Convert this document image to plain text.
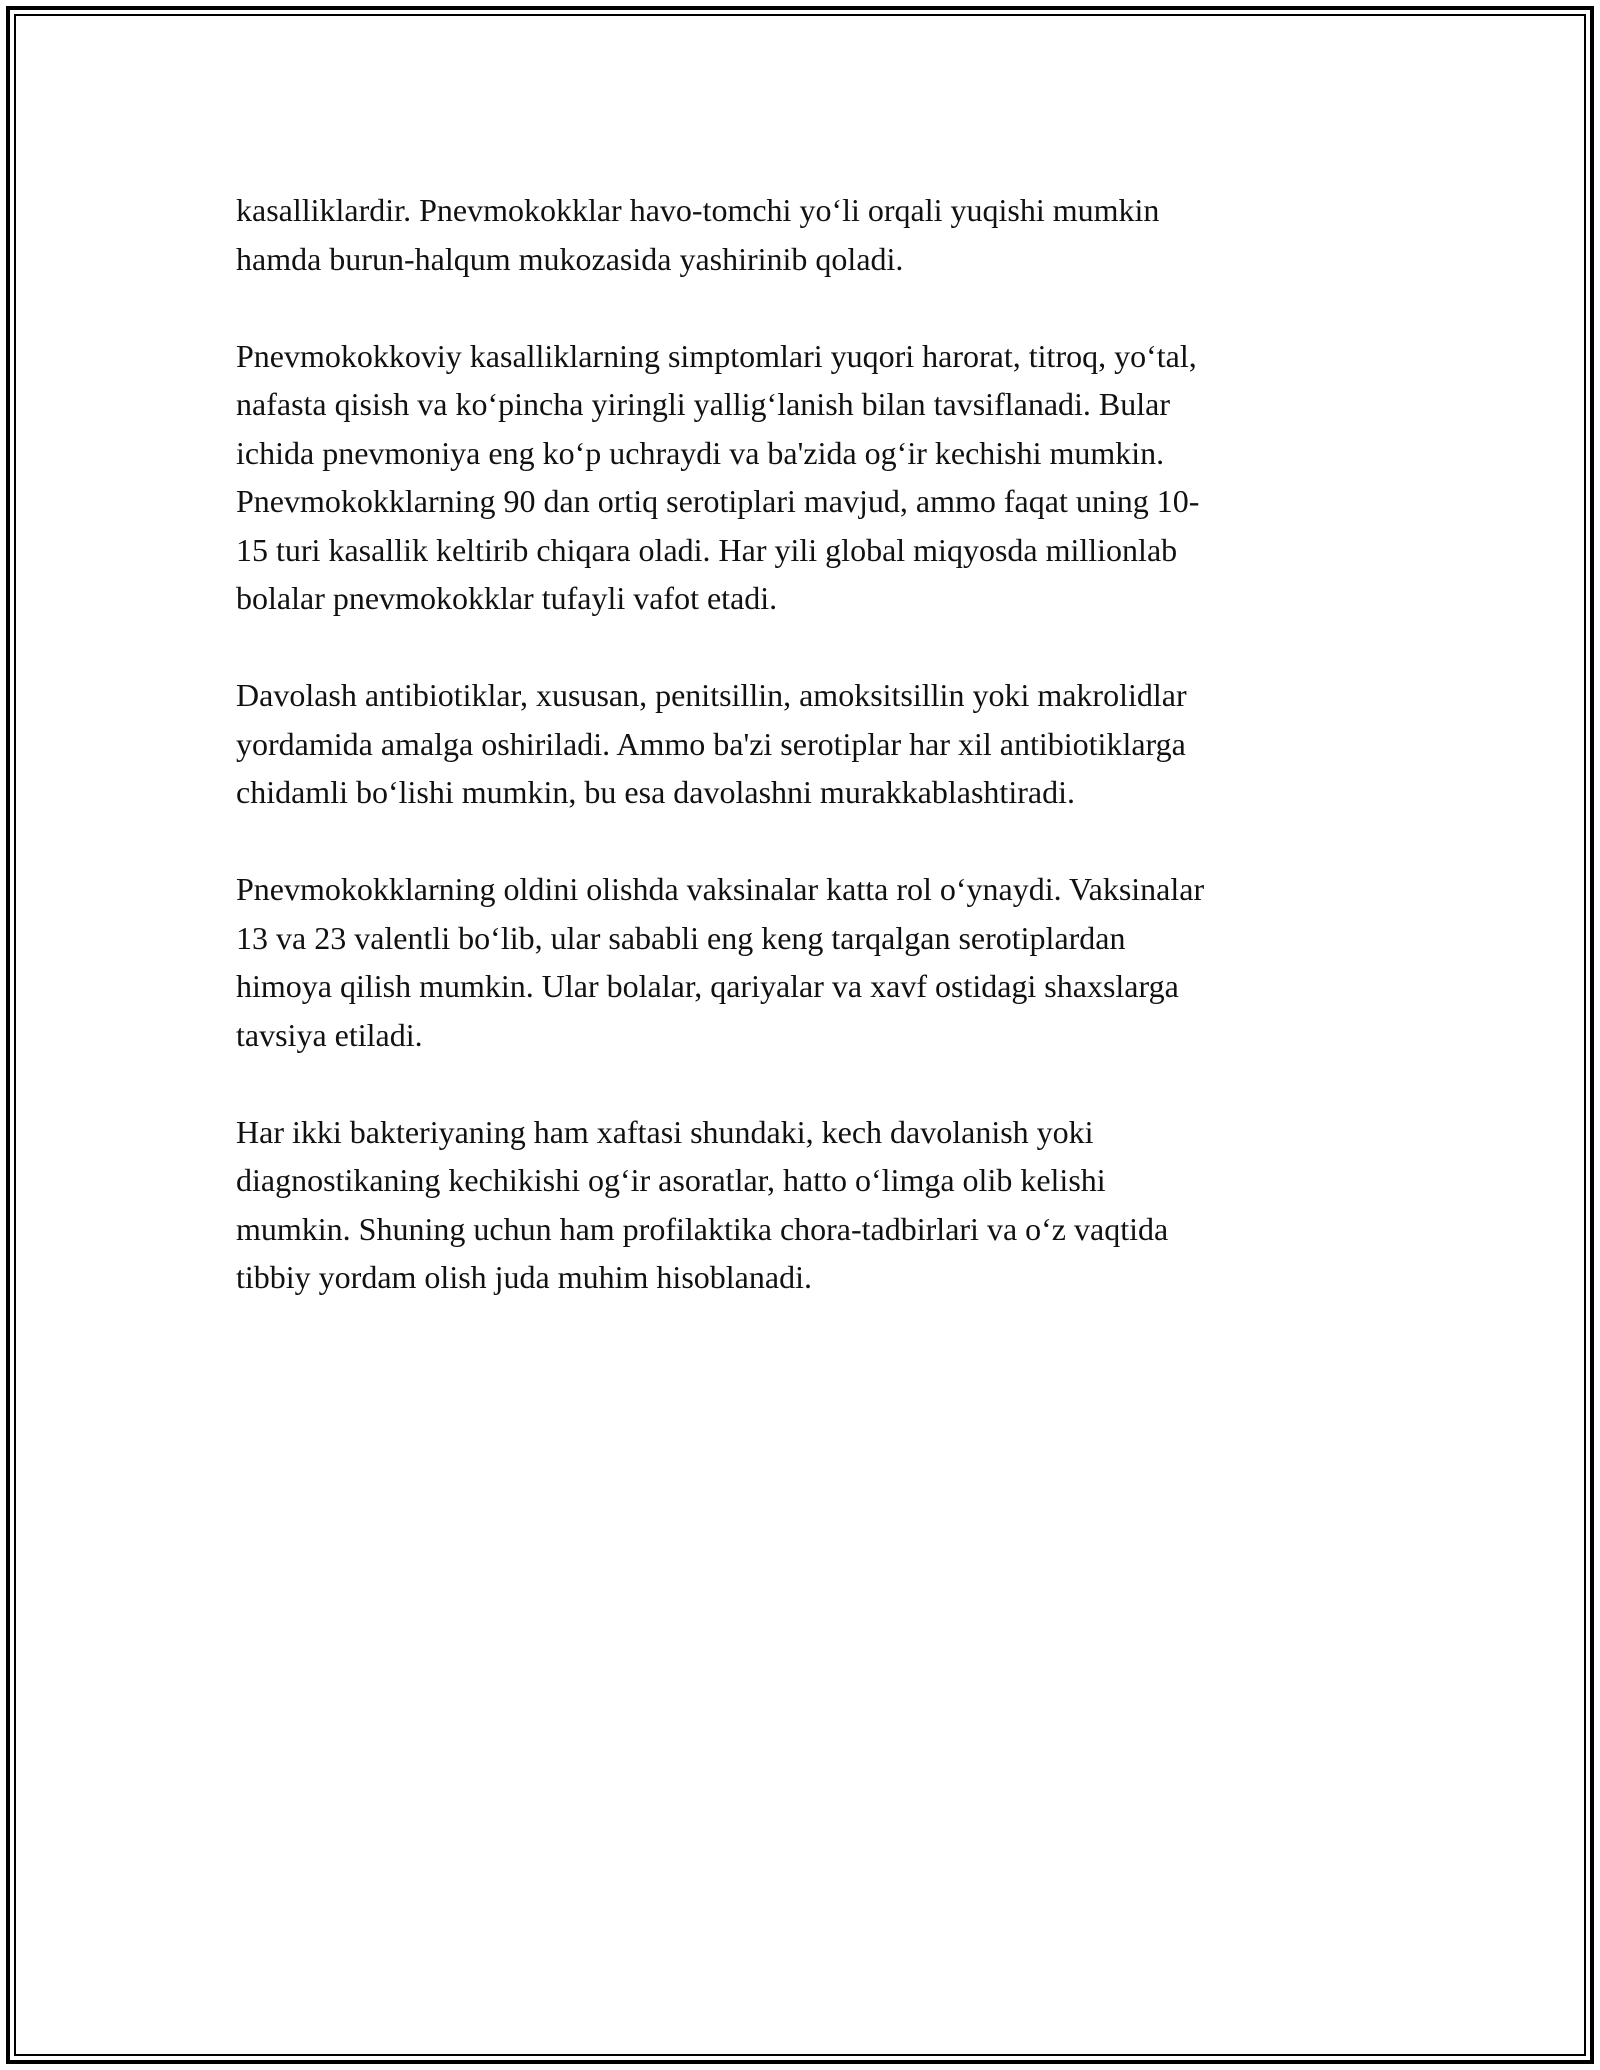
kasalliklardir. Pnevmokokklar havo-tomchi yo‘li orqali yuqishi mumkin
hamda burun-halqum mukozasida yashirinib qoladi.

Pnevmokokkoviy kasalliklarning simptomlari yuqori harorat, titroq, yo‘tal,
nafasta qisish va ko‘pincha yiringli yallig‘lanish bilan tavsiflanadi. Bular
ichida pnevmoniya eng ko‘p uchraydi va ba'zida og‘ir kechishi mumkin.
Pnevmokokklarning 90 dan ortiq serotiplari mavjud, ammo faqat uning 10-
15 turi kasallik keltirib chiqara oladi. Har yili global miqyosda millionlab
bolalar pnevmokokklar tufayli vafot etadi.

Davolash antibiotiklar, xususan, penitsillin, amoksitsillin yoki makrolidlar
yordamida amalga oshiriladi. Ammo ba'zi serotiplar har xil antibiotiklarga
chidamli bo‘lishi mumkin, bu esa davolashni murakkablashtiradi.

Pnevmokokklarning oldini olishda vaksinalar katta rol o‘ynaydi. Vaksinalar
13 va 23 valentli bo‘lib, ular sababli eng keng tarqalgan serotiplardan
himoya qilish mumkin. Ular bolalar, qariyalar va xavf ostidagi shaxslarga
tavsiya etiladi.

Har ikki bakteriyaning ham xaftasi shundaki, kech davolanish yoki
diagnostikaning kechikishi og‘ir asoratlar, hatto o‘limga olib kelishi
mumkin. Shuning uchun ham profilaktika chora-tadbirlari va o‘z vaqtida
tibbiy yordam olish juda muhim hisoblanadi.
